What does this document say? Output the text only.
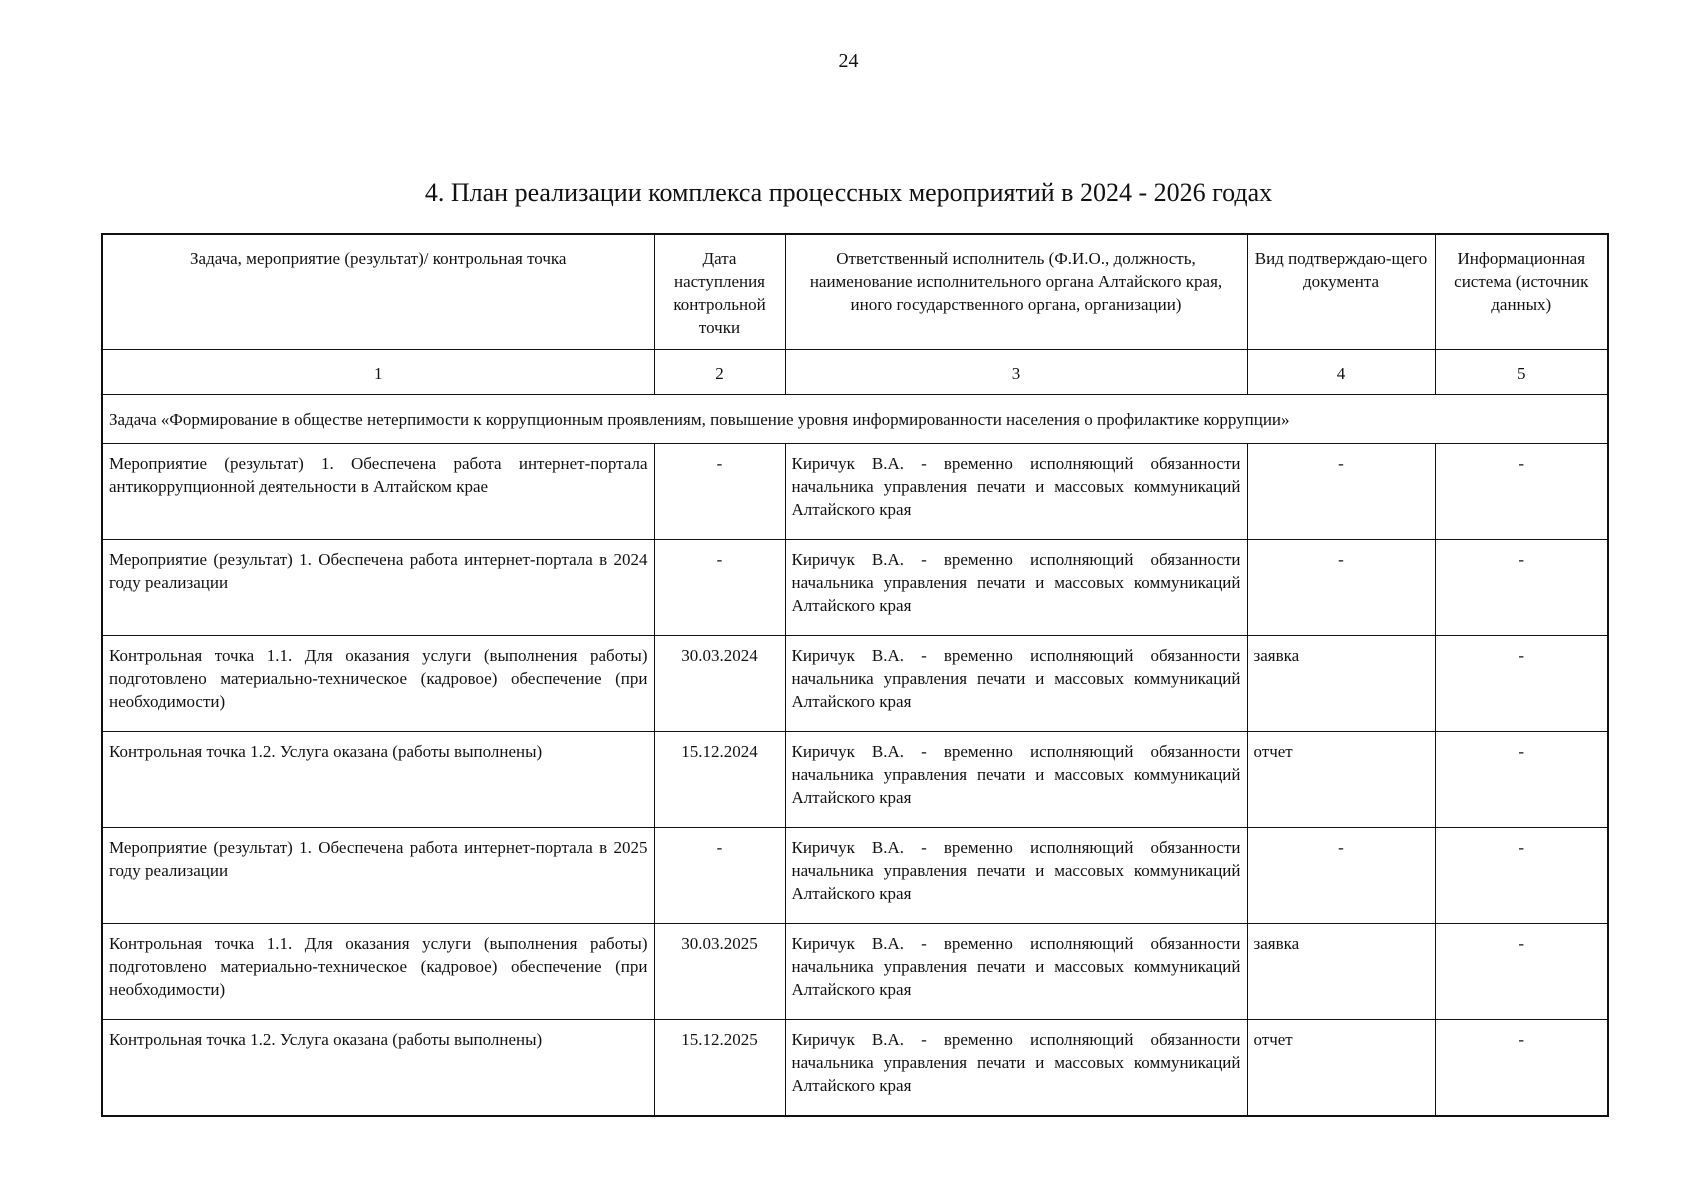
24
4. План реализации комплекса процессных мероприятий в 2024 - 2026 годах
Задача, мероприятие (результат)/ контрольная точка	Дата наступления контрольной точки	Ответственный исполнитель (Ф.И.О., должность, наименование исполнительного органа Алтайского края, иного государственного органа, организации)	Вид подтверждаю-щего документа	Информационная система (источник данных)
1	2	3	4	5
Задача «Формирование в обществе нетерпимости к коррупционным проявлениям, повышение уровня информированности населения о профилактике коррупции»				
Мероприятие (результат) 1. Обеспечена работа интернет-портала антикоррупционной деятельности в Алтайском крае	-	Киричук В.А. - временно исполняющий обязанности начальника управления печати и массовых коммуникаций Алтайского края	-	-
Мероприятие (результат) 1. Обеспечена работа интернет-портала в 2024 году реализации	-	Киричук В.А. - временно исполняющий обязанности начальника управления печати и массовых коммуникаций Алтайского края	-	-
Контрольная точка 1.1. Для оказания услуги (выполнения работы) подготовлено материально-техническое (кадровое) обеспечение (при необходимости)	30.03.2024	Киричук В.А. - временно исполняющий обязанности начальника управления печати и массовых коммуникаций Алтайского края	заявка	-
Контрольная точка 1.2. Услуга оказана (работы выполнены)	15.12.2024	Киричук В.А. - временно исполняющий обязанности начальника управления печати и массовых коммуникаций Алтайского края	отчет	-
Мероприятие (результат) 1. Обеспечена работа интернет-портала в 2025 году реализации	-	Киричук В.А. - временно исполняющий обязанности начальника управления печати и массовых коммуникаций Алтайского края	-	-
Контрольная точка 1.1. Для оказания услуги (выполнения работы) подготовлено материально-техническое (кадровое) обеспечение (при необходимости)	30.03.2025	Киричук В.А. - временно исполняющий обязанности начальника управления печати и массовых коммуникаций Алтайского края	заявка	-
Контрольная точка 1.2. Услуга оказана (работы выполнены)	15.12.2025	Киричук В.А. - временно исполняющий обязанности начальника управления печати и массовых коммуникаций Алтайского края	отчет	-
